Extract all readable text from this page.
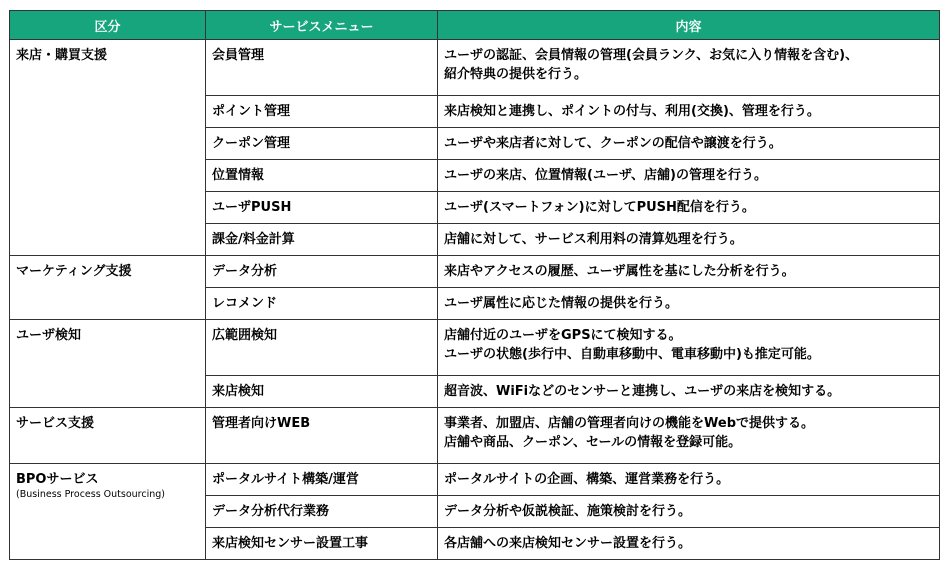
区分	サービスメニュー	内容

来店・購買支援	会員管理	ユーザの認証、会員情報の管理(会員ランク、お気に入り情報を含む)、
紹介特典の提供を行う。

	ポイント管理	来店検知と連携し、ポイントの付与、利用(交換)、管理を行う。

	クーポン管理	ユーザや来店者に対して、クーポンの配信や譲渡を行う。

	位置情報	ユーザの来店、位置情報(ユーザ、店舗)の管理を行う。

	ユーザPUSH	ユーザ(スマートフォン)に対してPUSH配信を行う。

	課金/料金計算	店舗に対して、サービス利用料の清算処理を行う。

マーケティング支援	データ分析	来店やアクセスの履歴、ユーザ属性を基にした分析を行う。

	レコメンド	ユーザ属性に応じた情報の提供を行う。

ユーザ検知	広範囲検知	店舗付近のユーザをGPSにて検知する。
ユーザの状態(歩行中、自動車移動中、電車移動中)も推定可能。

	来店検知	超音波、WiFiなどのセンサーと連携し、ユーザの来店を検知する。

サービス支援	管理者向けWEB	事業者、加盟店、店舗の管理者向けの機能をWebで提供する。
店舗や商品、クーポン、セールの情報を登録可能。

BPOサービス
(Business Process Outsourcing)	ポータルサイト構築/運営	ポータルサイトの企画、構築、運営業務を行う。

	データ分析代行業務	データ分析や仮説検証、施策検討を行う。

	来店検知センサー設置工事	各店舗への来店検知センサー設置を行う。
